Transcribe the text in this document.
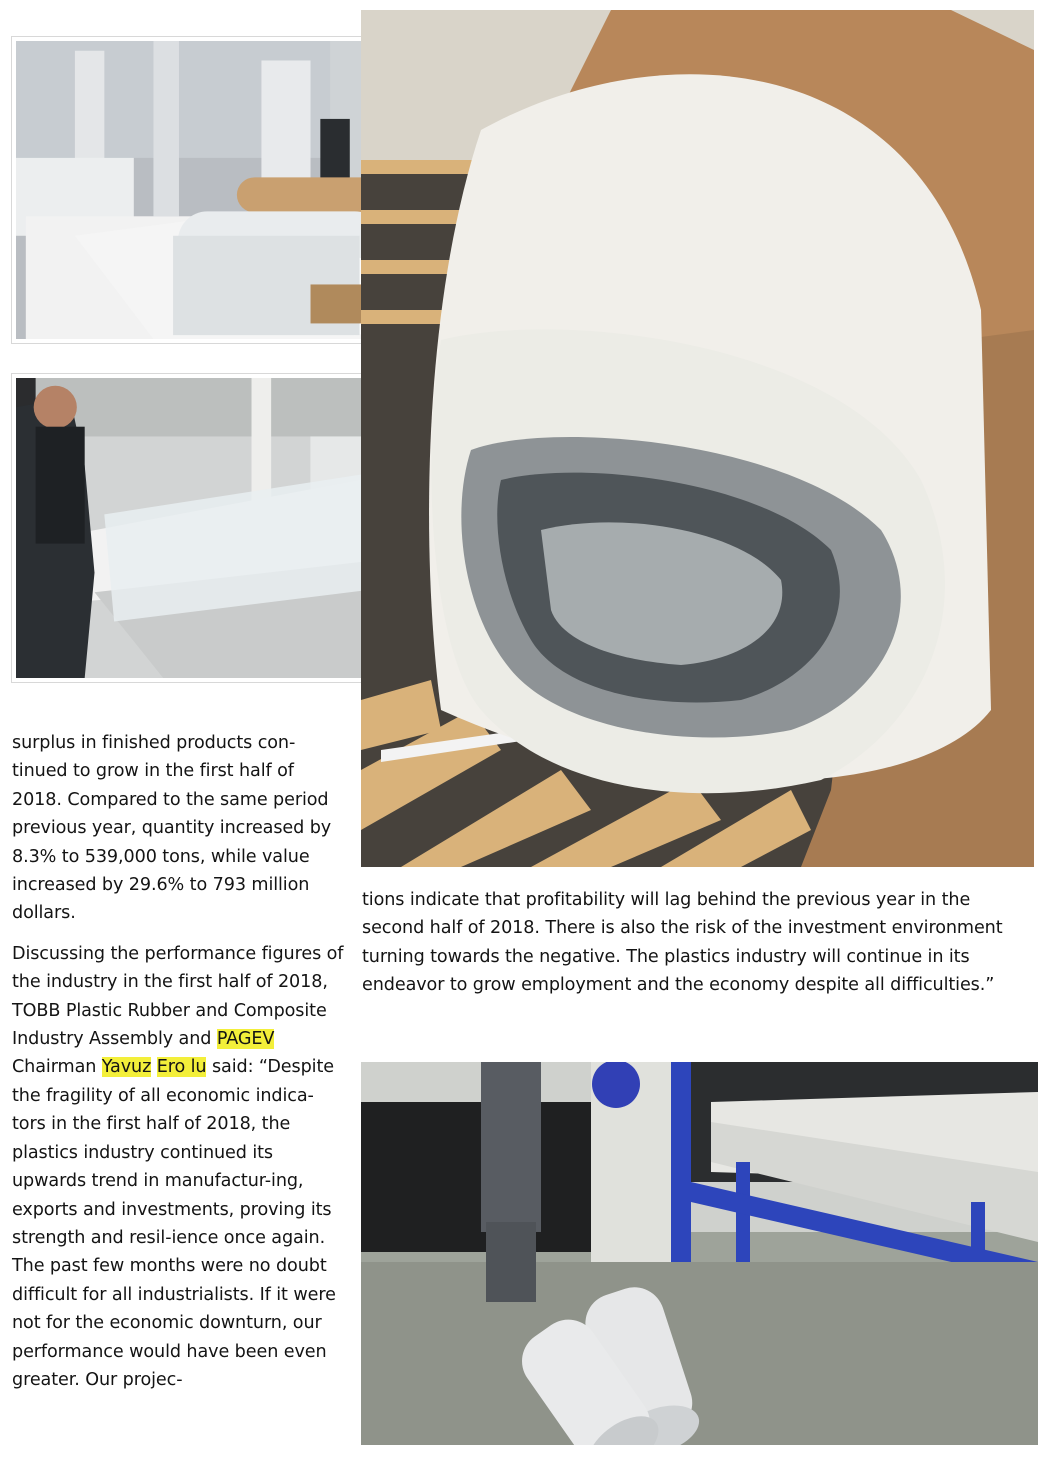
surplus in finished products con-tinued to grow in the first half of 2018. Compared to the same period previous year, quantity increased by 8.3% to 539,000 tons, while value increased by 29.6% to 793 million dollars.

Discussing the performance figures of the industry in the first half of 2018, TOBB Plastic Rubber and Composite Industry Assembly and PAGEV Chairman Yavuz Ero lu said: “Despite the fragility of all economic indica-tors in the first half of 2018, the plastics industry continued its upwards trend in manufactur-ing, exports and investments, proving its strength and resil-ience once again. The past few months were no doubt difficult for all industrialists. If it were not for the economic downturn, our performance would have been even greater. Our projec-

tions indicate that profitability will lag behind the previous year in the second half of 2018. There is also the risk of the investment environment turning towards the negative. The plastics industry will continue in its endeavor to grow employment and the economy despite all difficulties.”
